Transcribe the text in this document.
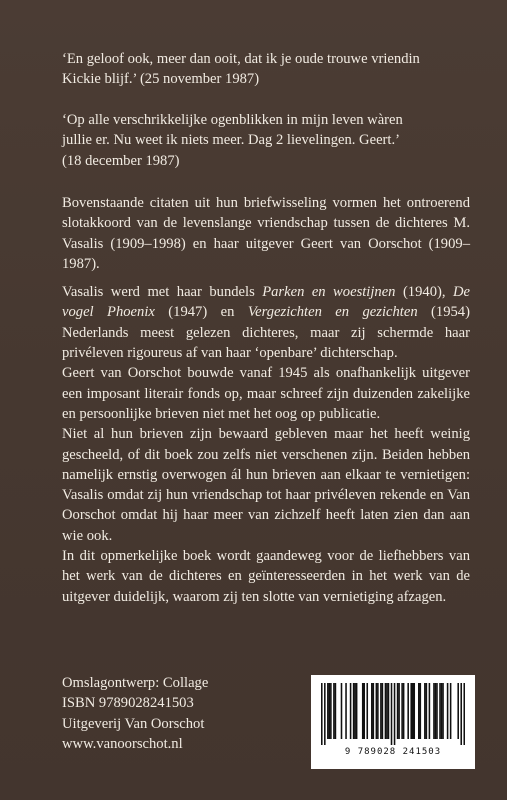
‘En geloof ook, meer dan ooit, dat ik je oude trouwe vriendin
Kickie blijf.’ (25 november 1987)

‘Op alle verschrikkelijke ogenblikken in mijn leven wàren
jullie er. Nu weet ik niets meer. Dag 2 lievelingen. Geert.’
(18 december 1987)

Bovenstaande citaten uit hun briefwisseling vormen het ontroerend slotakkoord van de levenslange vriendschap tussen de dichteres M. Vasalis (1909–1998) en haar uitgever Geert van Oorschot (1909–1987).

Vasalis werd met haar bundels Parken en woestijnen (1940), De vogel Phoenix (1947) en Vergezichten en gezichten (1954) Nederlands meest gelezen dichteres, maar zij schermde haar privéleven rigoureus af van haar ‘openbare’ dichterschap.

Geert van Oorschot bouwde vanaf 1945 als onafhankelijk uitgever een imposant literair fonds op, maar schreef zijn duizenden zakelijke en persoonlijke brieven niet met het oog op publicatie.

Niet al hun brieven zijn bewaard gebleven maar het heeft weinig gescheeld, of dit boek zou zelfs niet verschenen zijn. Beiden hebben namelijk ernstig overwogen ál hun brieven aan elkaar te vernietigen: Vasalis omdat zij hun vriendschap tot haar privéleven rekende en Van Oorschot omdat hij haar meer van zichzelf heeft laten zien dan aan wie ook.

In dit opmerkelijke boek wordt gaandeweg voor de liefhebbers van het werk van de dichteres en geïnteresseerden in het werk van de uitgever duidelijk, waarom zij ten slotte van vernietiging afzagen.

Omslagontwerp: Collage
ISBN 9789028241503
Uitgeverij Van Oorschot
www.vanoorschot.nl	9 789028 241503
